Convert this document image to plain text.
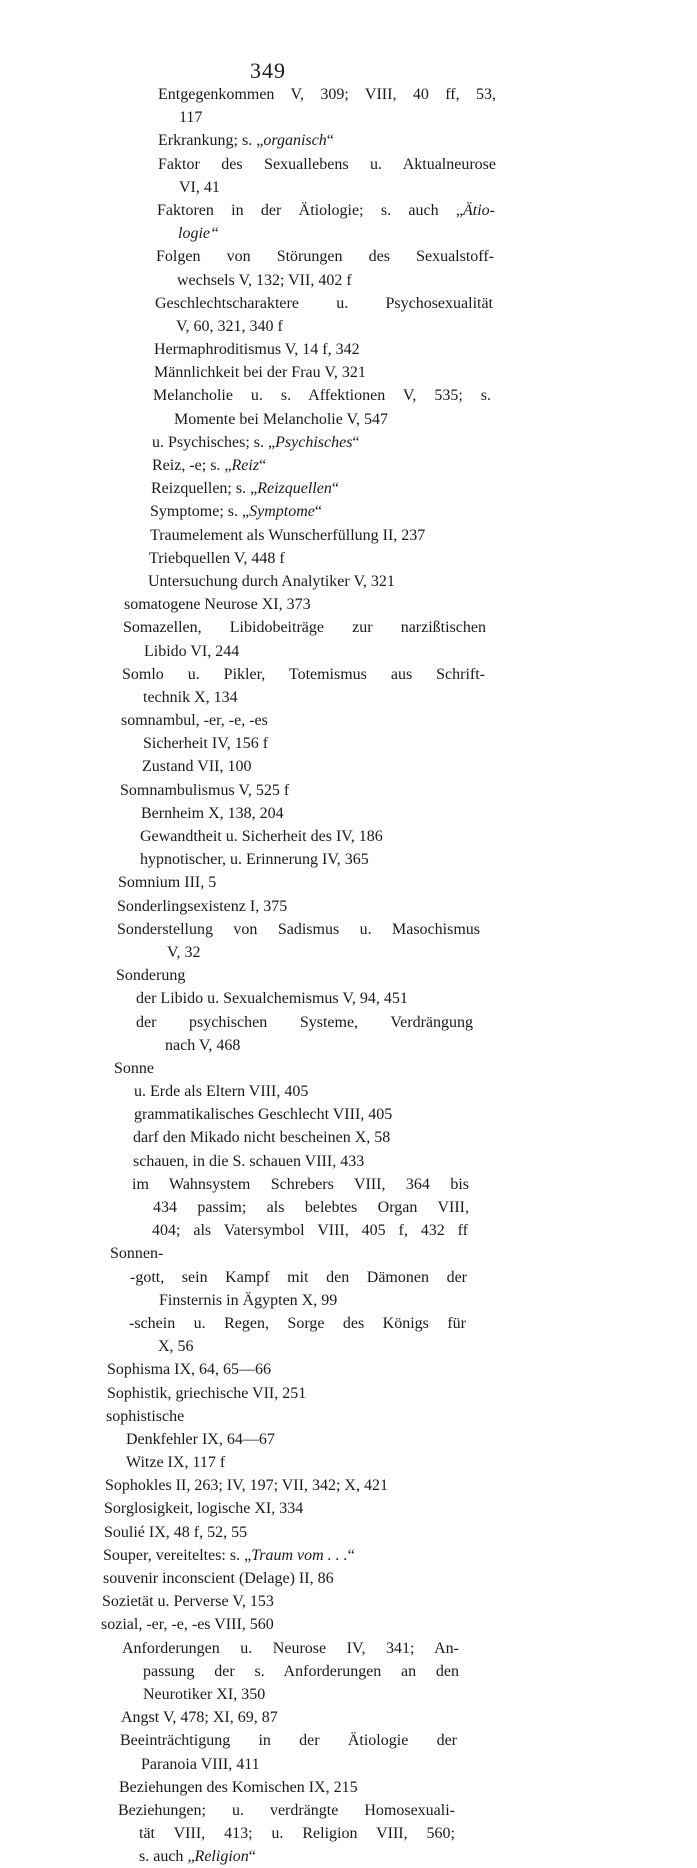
349
Entgegenkommen V, 309; VIII, 40 ff, 53,
117
Erkrankung; s. „organisch“
Faktor des Sexuallebens u. Aktualneurose
VI, 41
Faktoren in der Ätiologie; s. auch „Ätio-
logie“
Folgen von Störungen des Sexualstoff-
wechsels V, 132; VII, 402 f
Geschlechtscharaktere u. Psychosexualität
V, 60, 321, 340 f
Hermaphroditismus V, 14 f, 342
Männlichkeit bei der Frau V, 321
Melancholie u. s. Affektionen V, 535; s.
Momente bei Melancholie V, 547
u. Psychisches; s. „Psychisches“
Reiz, -e; s. „Reiz“
Reizquellen; s. „Reizquellen“
Symptome; s. „Symptome“
Traumelement als Wunscherfüllung II, 237
Triebquellen V, 448 f
Untersuchung durch Analytiker V, 321
somatogene Neurose XI, 373
Somazellen, Libidobeiträge zur narzißtischen
Libido VI, 244
Somlo u. Pikler, Totemismus aus Schrift-
technik X, 134
somnambul, -er, -e, -es
Sicherheit IV, 156 f
Zustand VII, 100
Somnambulismus V, 525 f
Bernheim X, 138, 204
Gewandtheit u. Sicherheit des IV, 186
hypnotischer, u. Erinnerung IV, 365
Somnium III, 5
Sonderlingsexistenz I, 375
Sonderstellung von Sadismus u. Masochismus
V, 32
Sonderung
der Libido u. Sexualchemismus V, 94, 451
der psychischen Systeme, Verdrängung
nach V, 468
Sonne
u. Erde als Eltern VIII, 405
grammatikalisches Geschlecht VIII, 405
darf den Mikado nicht bescheinen X, 58
schauen, in die S. schauen VIII, 433
im Wahnsystem Schrebers VIII, 364 bis
434 passim; als belebtes Organ VIII,
404; als Vatersymbol VIII, 405 f, 432 ff
Sonnen-
-gott, sein Kampf mit den Dämonen der
Finsternis in Ägypten X, 99
-schein u. Regen, Sorge des Königs für
X, 56
Sophisma IX, 64, 65—66
Sophistik, griechische VII, 251
sophistische
Denkfehler IX, 64—67
Witze IX, 117 f
Sophokles II, 263; IV, 197; VII, 342; X, 421
Sorglosigkeit, logische XI, 334
Soulié IX, 48 f, 52, 55
Souper, vereiteltes: s. „Traum vom . . .“
souvenir inconscient (Delage) II, 86
Sozietät u. Perverse V, 153
sozial, -er, -e, -es VIII, 560
Anforderungen u. Neurose IV, 341; An-
passung der s. Anforderungen an den
Neurotiker XI, 350
Angst V, 478; XI, 69, 87
Beeinträchtigung in der Ätiologie der
Paranoia VIII, 411
Beziehungen des Komischen IX, 215
Beziehungen; u. verdrängte Homosexuali-
tät VIII, 413; u. Religion VIII, 560;
s. auch „Religion“
